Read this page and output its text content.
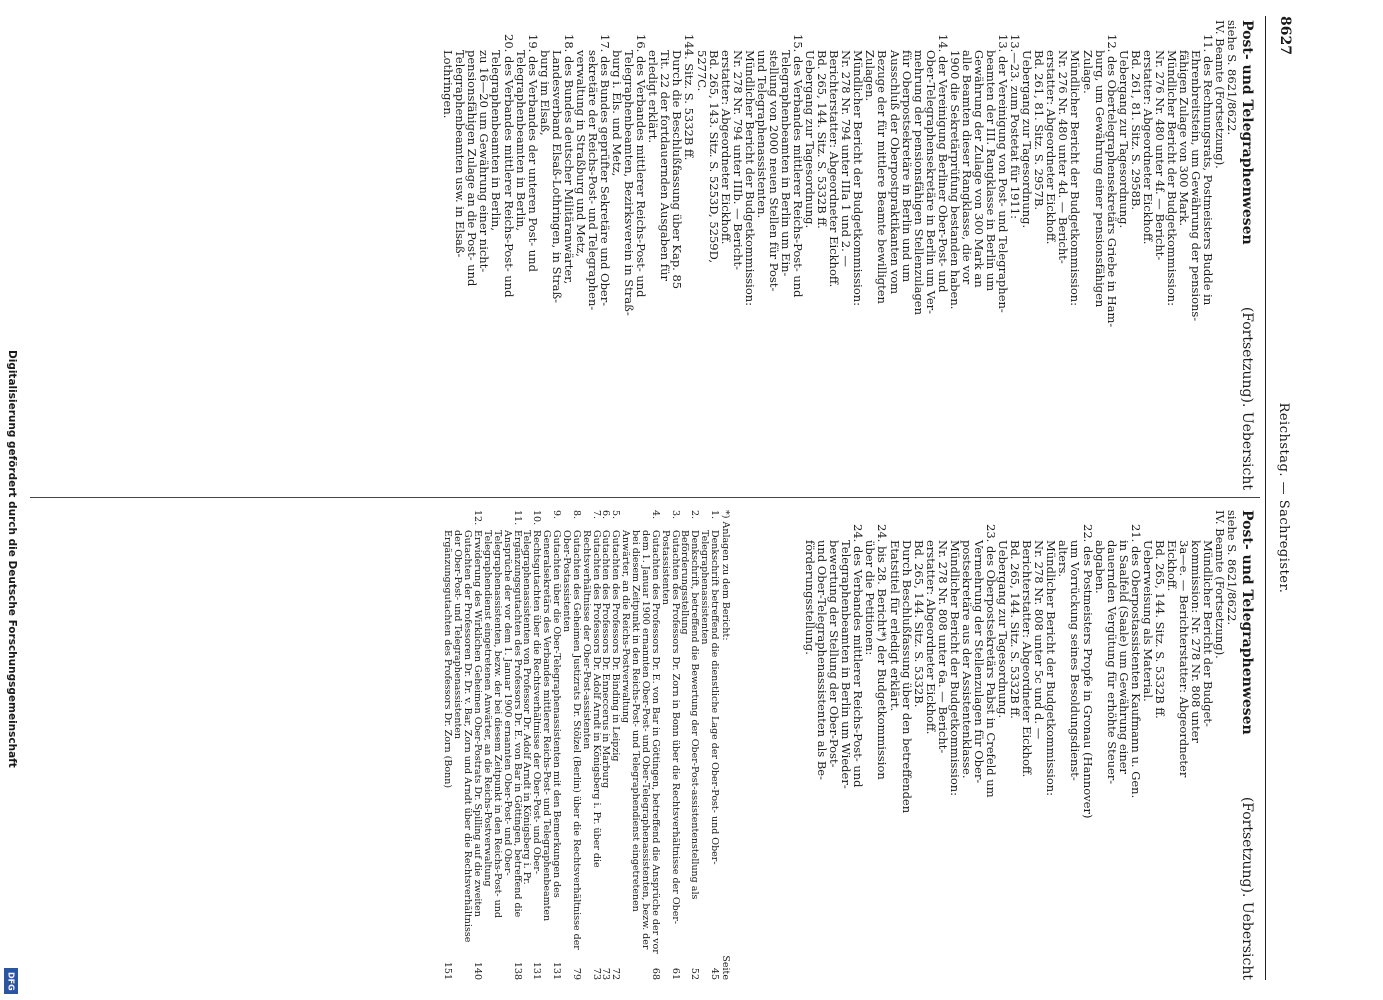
8627
Reichstag. — Sachregister.
Post- und Telegraphenwesen
(Fortsetzung). Uebersicht

siehe S. 8621/8622.

IV. Beamte (Fortsetzung).

11. des Rechnungsrats, Postmeisters Budde in

Ehrenbreitstein, um Gewährung der pensions-

fähigen Zulage von 300 Mark.

Mündlicher Bericht der Budgetkommission:

Nr. 276 Nr. 480 unter 4f. — Bericht-

erstatter: Abgeordneter Eickhoff.

Bd. 261, 81. Sitz. S. 2958B.

Uebergang zur Tagesordnung.

12. des Obertelegraphensekretärs Griebe in Ham-

burg, um Gewährung einer pensionsfähigen

Zulage.

Mündlicher Bericht der Budgetkommission:

Nr. 276 Nr. 480 unter 4d. — Bericht-

erstatter: Abgeordneter Eickhoff.

Bd. 261, 81. Sitz. S. 2957B.

Uebergang zur Tagesordnung.

13.—23. zum Postetat für 1911:

13. der Vereinigung von Post- und Telegraphen-

beamten der III. Rangklasse in Berlin um

Gewährung der Zulage von 300 Mark an

alle Beamten dieser Rangklasse, die vor

1900 die Sekretärprüfung bestanden haben.

14. der Vereinigung Berliner Ober-Post- und

Ober-Telegraphensekretäre in Berlin um Ver-

mehrung der pensionsfähigen Stellenzulagen

für Oberpostsekretäre in Berlin und um

Ausschluß der Oberpostpraktikanten vom

Bezuge der für mittlere Beamte bewilligten

Zulagen.

Mündlicher Bericht der Budgetkommission:

Nr. 278 Nr. 794 unter IIIa 1 und 2. —

Berichterstatter: Abgeordneter Eickhoff.

Bd. 265, 144. Sitz. S. 5332B ff.

Uebergang zur Tagesordnung.

15. des Verbandes mittlerer Reichs-Post- und

Telegraphenbeamten in Berlin um Ein-

stellung von 2000 neuen Stellen für Post-

und Telegraphenassistenten.

Mündlicher Bericht der Budgetkommission:

Nr. 278 Nr. 794 unter IIIb. — Bericht-

erstatter: Abgeordneter Eickhoff.

Bd. 265, 143. Sitz. S. 5253D, 5259D,

5277C.

144. Sitz. S. 5332B ff.

Durch die Beschlußfassung über Kap. 85

Tit. 22 der fortdauernden Ausgaben für

erledigt erklärt.

16. des Verbandes mittlerer Reichs-Post- und

Telegraphenbeamten, Bezirksverein in Straß-

burg i. Els. und Metz,

17. des Bundes geprüfter Sekretäre und Ober-

sekretäre der Reichs-Post- und Telegraphen-

verwaltung in Straßburg und Metz,

18. des Bundes deutscher Militäranwärter,

Landesverband Elsaß-Lothringen, in Straß-

burg im Elsaß,

19. des Verbandes der unteren Post- und

Telegraphenbeamten in Berlin,

20. des Verbandes mittlerer Reichs-Post- und

Telegraphenbeamten in Berlin,

zu 16—20 um Gewährung einer nicht-

pensionsfähigen Zulage an die Post- und

Telegraphenbeamten usw. in Elsaß-

Lothringen.

Post- und Telegraphenwesen
(Fortsetzung). Uebersicht

siehe S. 8621/8622.

IV. Beamte (Fortsetzung).

Mündlicher Bericht der Budget-

kommission: Nr. 278 Nr. 808 unter

3a—e. — Berichterstatter: Abgeordneter

Eickhoff.

Bd. 265, 144. Sitz. S. 5332B ff.

Ueberweisung als Material.

21. des Oberpostassistenten Kaufmann u. Gen.

in Saalfeld (Saale) um Gewährung einer

dauernden Vergütung für erhöhte Steuer-

abgaben.

22. des Postmeisters Propfe in Gronau (Hannover)

um Vorrückung seines Besoldungsdienst-

alters.

Mündlicher Bericht der Budgetkommission:

Nr. 278 Nr. 808 unter 5c und d. —

Berichterstatter: Abgeordneter Eickhoff.

Bd. 265, 144. Sitz. S. 5332B ff.

Uebergang zur Tagesordnung.

23. des Oberpostsekretärs Pabst in Crefeld um

Vermehrung der Stellenzulagen für Ober-

postsekretäre aus der Assistentenklasse.

Mündlicher Bericht der Budgetkommission:

Nr. 278 Nr. 808 unter 6a. — Bericht-

erstatter: Abgeordneter Eickhoff.

Bd. 265, 144. Sitz. S. 5332B.

Durch Beschlußfassung über den betreffenden

Etatstitel für erledigt erklärt.

24. bis 28. Bericht*) der Budgetkommission

über die Petitionen:

24. des Verbandes mittlerer Reichs-Post- und

Telegraphenbeamten in Berlin um Wieder-

bewertung der Stellung der Ober-Post-

und Ober-Telegraphenassistenten als Be-

förderungsstellung.

*) Anlagen zu dem Bericht:
Seite
1.
Denkschrift betreffend die dienstliche Lage der Ober-Post- und Ober-Telegraphenassistenten
45
2.
Denkschrift, betreffend die Bewertung der Ober-Post-assistentenstellung als Beförderungsstellung
52
3.
Gutachten des Professors Dr. Zorn in Bonn über die Rechtsverhältnisse der Ober-Postassistenten
61
4.
Gutachten des Professors Dr. E. von Bar in Göttingen, betreffend die Ansprüche der vor dem 1. Januar 1900 ernannten Ober-Post- und Ober-Telegraphenassistenten, bezw. der bei diesem Zeitpunkt in den Reichs-Post- und Telegraphendienst eingetretenen Anwärter, an die Reichs-Postverwaltung
68
5.
Gutachten des Professors Dr. Binding in Leipzig
72
6.
Gutachten des Professors Dr. Enneccerus in Marburg
73
7.
Gutachten des Professors Dr. Adolf Arndt in Königsberg i. Pr. über die Rechtsverhältnisse der Ober-Post-assistenten
73
8.
Gutachten des Geheimen Justizrats Dr. Stölzel (Berlin) über die Rechtsverhältnisse der Ober-Postassistenten
79
9.
Gutachten über die Ober-Telegraphenassistenten mit den Bemerkungen des Generalsekretärs des Verbandes mittlerer Reichs-Post- und Telegraphenbeamten
131
10.
Rechtsgutachten über die Rechtsverhältnisse der Ober-Post- und Ober-Telegraphenassistenten von Professor Dr. Adolf Arndt in Königsberg i. Pr.
131
11.
Ergänzungsgutachten des Professors Dr. E. von Bar in Göttingen, betreffend die Ansprüche der vor dem 1. Januar 1900 ernannten Ober-Post- und Ober-Telegraphenassistenten, bezw. der bei diesem Zeitpunkt in den Reichs-Post- und Telegraphendienst eingetretenen Anwärter, an die Reichs-Postverwaltung
138
12.
Erwiderung des Wirklichen Geheimen Ober-Postrats Dr. Spilling auf die zweiten Gutachten der Professoren Dr. Dr. v. Bar, Zorn und Arndt über die Rechtsverhältnisse der Ober-Post- und Telegraphenassistenten
140
Ergänzungsgutachten des Professors Dr. Zorn (Bonn)
151
Digitalisierung gefördert durch die Deutsche Forschungsgemeinschaft
DFG
